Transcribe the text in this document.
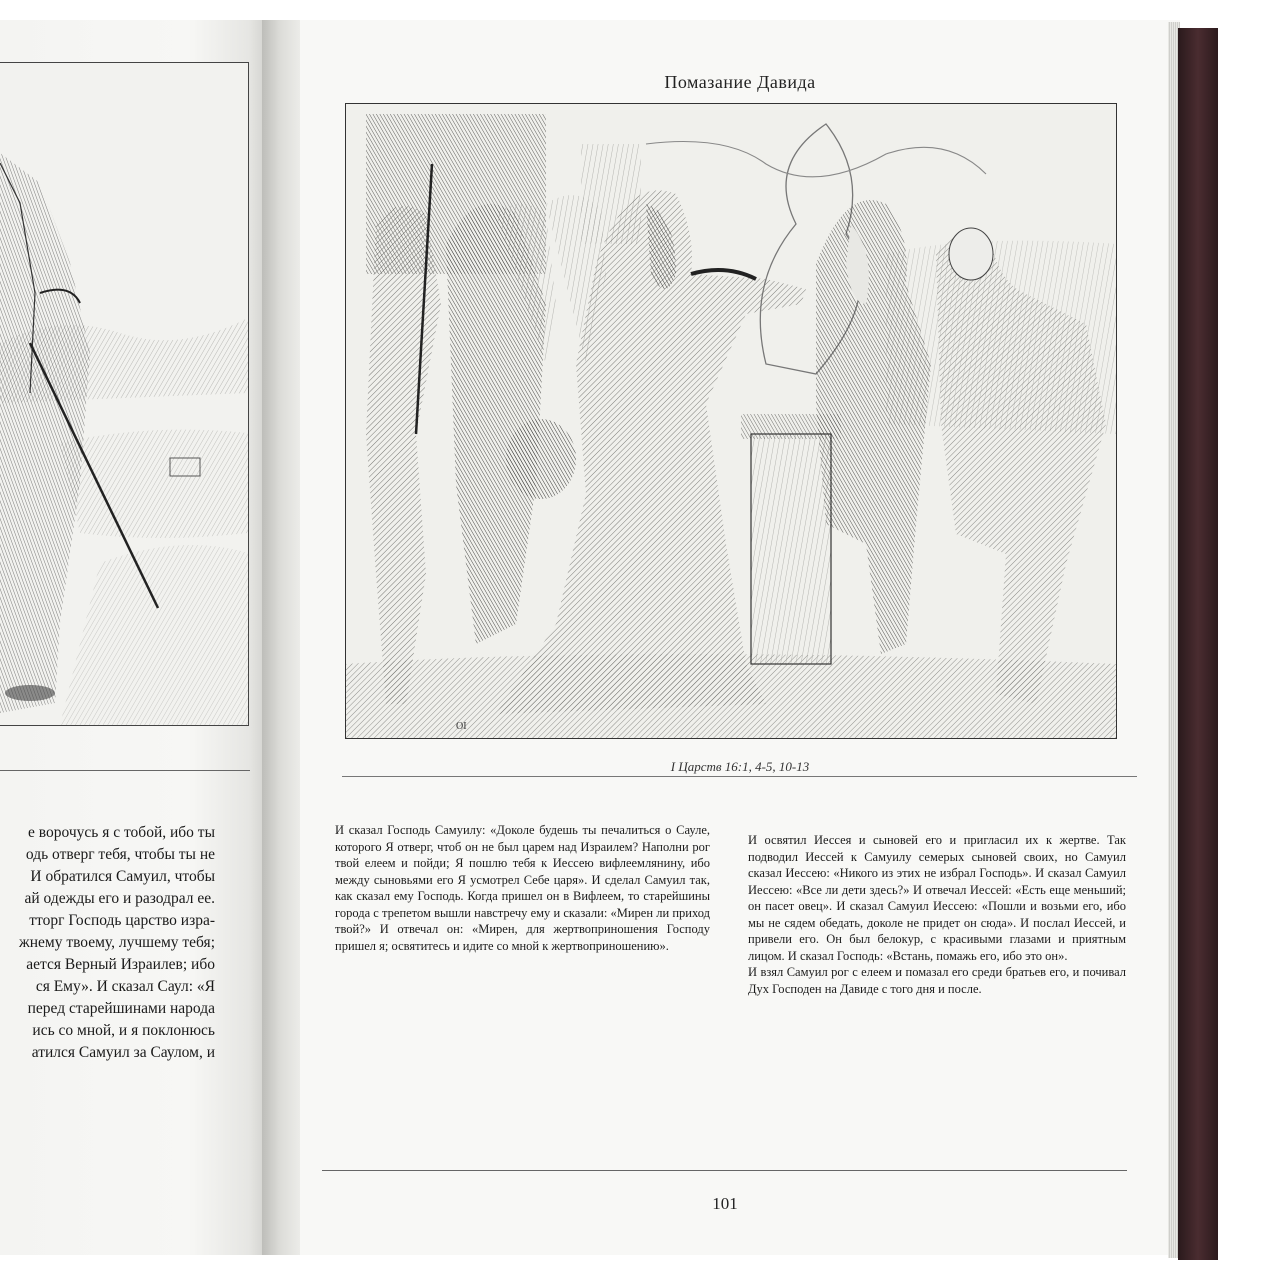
е ворочусь я с тобой, ибо ты
одь отверг тебя, чтобы ты не
И обратился Самуил, чтобы
ай одежды его и разодрал ее.
тторг Господь царство изра-
жнему твоему, лучшему тебя;
ается Верный Израилев; ибо
ся Ему». И сказал Саул: «Я
перед старейшинами народа
ись со мной, и я поклонюсь
атился Самуил за Саулом, и
Помазание Давида
OI
I Царств 16:1, 4-5, 10-13

И сказал Господь Самуилу: «Доколе будешь ты печалиться о Сауле, которого Я отверг, чтоб он не был царем над Израилем? Наполни рог твой елеем и пойди; Я пошлю тебя к Иессею вифлеемлянину, ибо между сыновьями его Я усмотрел Себе царя». И сделал Самуил так, как сказал ему Господь. Когда пришел он в Вифлеем, то старейшины города с трепетом вышли навстречу ему и сказали: «Мирен ли приход твой?» И отвечал он: «Мирен, для жертвоприношения Господу пришел я; освятитесь и идите со мной к жертвоприношению».

И освятил Иессея и сыновей его и пригласил их к жертве. Так подводил Иессей к Самуилу семерых сыновей своих, но Самуил сказал Иессею: «Никого из этих не избрал Господь». И сказал Самуил Иессею: «Все ли дети здесь?» И отвечал Иессей: «Есть еще меньший; он пасет овец». И сказал Самуил Иессею: «Пошли и возьми его, ибо мы не сядем обедать, доколе не придет он сюда». И послал Иессей, и привели его. Он был белокур, с красивыми глазами и приятным лицом. И сказал Господь: «Встань, помажь его, ибо это он».

И взял Самуил рог с елеем и помазал его среди братьев его, и почивал Дух Господен на Давиде с того дня и после.

101
